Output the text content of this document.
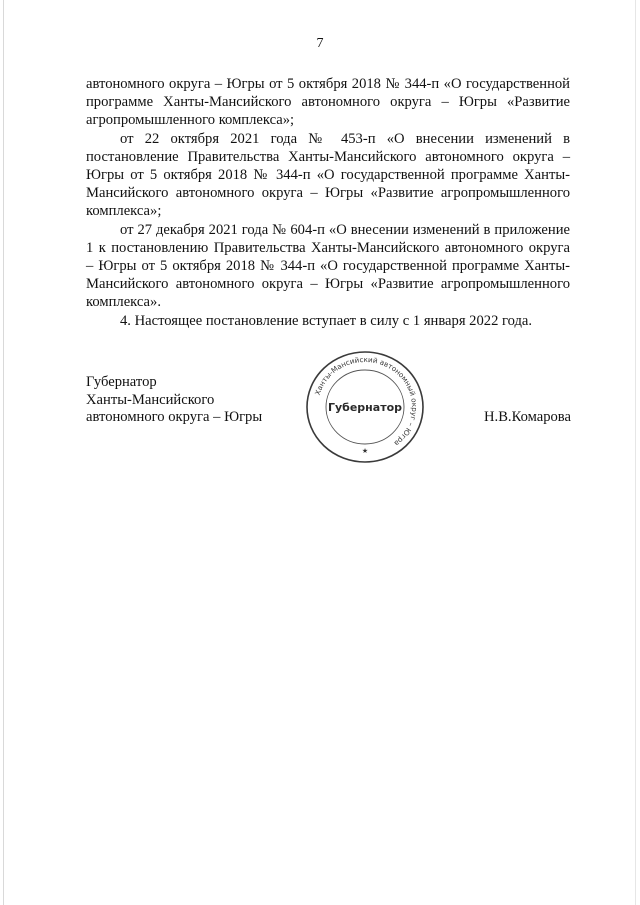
7

автономного округа – Югры от 5 октября 2018 № 344-п «О государственной программе Ханты-Мансийского автономного округа – Югры «Развитие агропромышленного комплекса»;

от 22 октября 2021 года № 453-п «О внесении изменений в постановление Правительства Ханты-Мансийского автономного округа – Югры от 5 октября 2018 № 344-п «О государственной программе Ханты-Мансийского автономного округа – Югры «Развитие агропромышленного комплекса»;

от 27 декабря 2021 года № 604-п «О внесении изменений в приложение 1 к постановлению Правительства Ханты-Мансийского автономного округа – Югры от 5 октября 2018 № 344-п «О государственной программе Ханты-Мансийского автономного округа – Югры «Развитие агропромышленного комплекса».

4. Настоящее постановление вступает в силу с 1 января 2022 года.

Губернатор
Ханты-Мансийского
автономного округа – Югры
Ханты-Мансийский автономный округ – Югра
Губернатор
★
Н.В.Комарова
